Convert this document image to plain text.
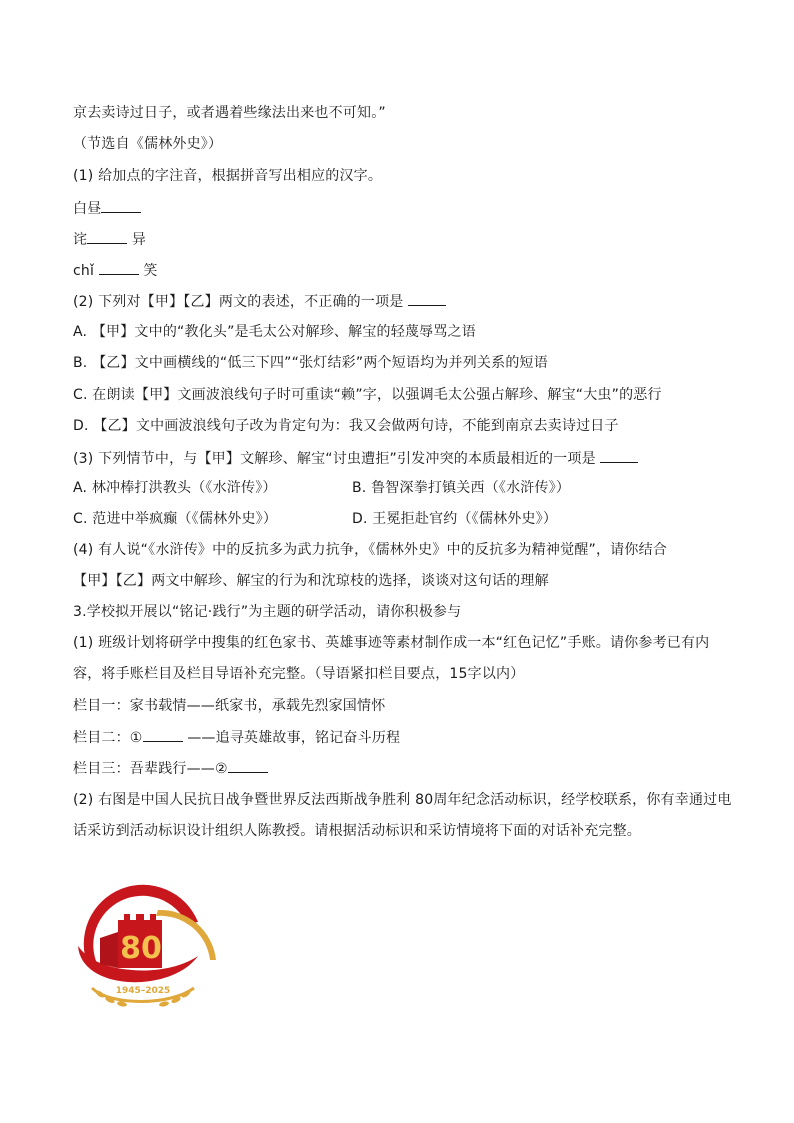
京去卖诗过日子，或者遇着些缘法出来也不可知。”
（节选自《儒林外史》）
(1) 给加点的字注音，根据拼音写出相应的汉字。
白昼
诧	异
chǐ	笑
(2) 下列对【甲】【乙】两文的表述，不正确的一项是
A. 【甲】文中的“教化头”是毛太公对解珍、解宝的轻蔑辱骂之语
B. 【乙】文中画横线的“低三下四”“张灯结彩”两个短语均为并列关系的短语
C. 在朗读【甲】文画波浪线句子时可重读“赖”字，以强调毛太公强占解珍、解宝“大虫”的恶行
D. 【乙】文中画波浪线句子改为肯定句为：我又会做两句诗，不能到南京去卖诗过日子
(3) 下列情节中，与【甲】文解珍、解宝“讨虫遭拒”引发冲突的本质最相近的一项是
A. 林冲棒打洪教头（《水浒传》）	B. 鲁智深拳打镇关西（《水浒传》）
C. 范进中举疯癫（《儒林外史》）	D. 王冕拒赴官约（《儒林外史》）
(4) 有人说“《水浒传》中的反抗多为武力抗争，《儒林外史》中的反抗多为精神觉醒”，请你结合
【甲】【乙】两文中解珍、解宝的行为和沈琼枝的选择，谈谈对这句话的理解
3.学校拟开展以“铭记·践行”为主题的研学活动，请你积极参与
(1) 班级计划将研学中搜集的红色家书、英雄事迹等素材制作成一本“红色记忆”手账。请你参考已有内
容，将手账栏目及栏目导语补充完整。（导语紧扣栏目要点，15字以内）
栏目一：家书载情——纸家书，承载先烈家国情怀
栏目二：①	——追寻英雄故事，铭记奋斗历程
栏目三：吾辈践行——②
(2) 右图是中国人民抗日战争暨世界反法西斯战争胜利 80周年纪念活动标识，经学校联系，你有幸通过电
话采访到活动标识设计组织人陈教授。请根据活动标识和采访情境将下面的对话补充完整。
80
1945–2025
